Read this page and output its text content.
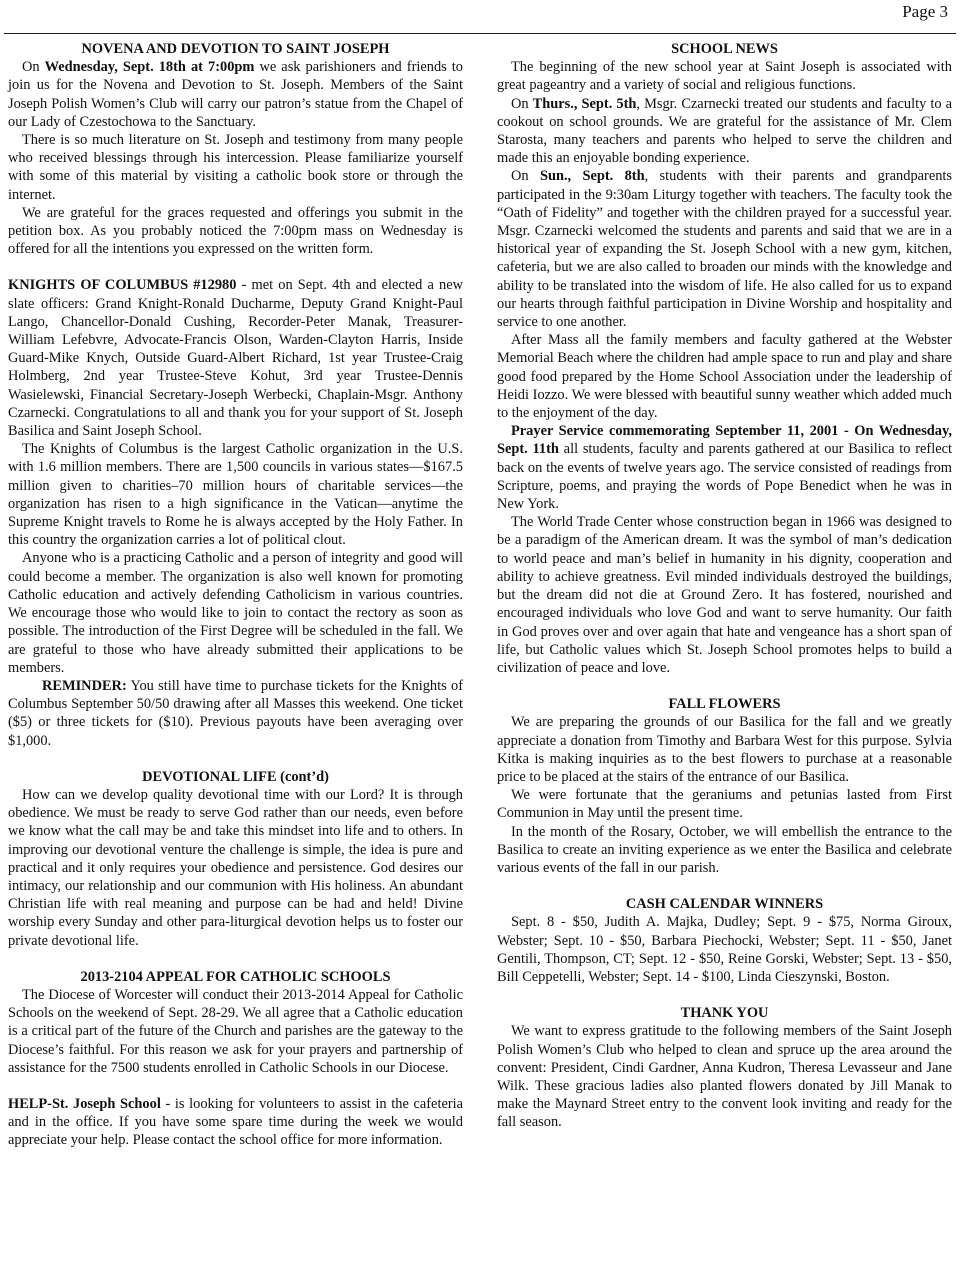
Page 3
NOVENA AND DEVOTION TO SAINT JOSEPH

On Wednesday, Sept. 18th at 7:00pm we ask parishioners and friends to join us for the Novena and Devotion to St. Joseph. Members of the Saint Joseph Polish Women’s Club will carry our patron’s statue from the Chapel of our Lady of Czestochowa to the Sanctuary.

There is so much literature on St. Joseph and testimony from many people who received blessings through his intercession. Please familiarize yourself with some of this material by visiting a catholic book store or through the internet.

We are grateful for the graces requested and offerings you submit in the petition box. As you probably noticed the 7:00pm mass on Wednesday is offered for all the intentions you expressed on the written form.

KNIGHTS OF COLUMBUS #12980 - met on Sept. 4th and elected a new slate officers: Grand Knight-Ronald Ducharme, Deputy Grand Knight-Paul Lango, Chancellor-Donald Cushing, Recorder-Peter Manak, Treasurer-William Lefebvre, Advocate-Francis Olson, Warden-Clayton Harris, Inside Guard-Mike Knych, Outside Guard-Albert Richard, 1st year Trustee-Craig Holmberg, 2nd year Trustee-Steve Kohut, 3rd year Trustee-Dennis Wasielewski, Financial Secretary-Joseph Werbecki, Chaplain-Msgr. Anthony Czarnecki. Congratulations to all and thank you for your support of St. Joseph Basilica and Saint Joseph School.

The Knights of Columbus is the largest Catholic organization in the U.S. with 1.6 million members. There are 1,500 councils in various states—$167.5 million given to charities–70 million hours of charitable services—the organization has risen to a high significance in the Vatican—anytime the Supreme Knight travels to Rome he is always accepted by the Holy Father. In this country the organization carries a lot of political clout.

Anyone who is a practicing Catholic and a person of integrity and good will could become a member. The organization is also well known for promoting Catholic education and actively defending Catholicism in various countries. We encourage those who would like to join to contact the rectory as soon as possible. The introduction of the First Degree will be scheduled in the fall. We are grateful to those who have already submitted their applications to be members.

REMINDER: You still have time to purchase tickets for the Knights of Columbus September 50/50 drawing after all Masses this weekend. One ticket ($5) or three tickets for ($10). Previous payouts have been averaging over $1,000.

DEVOTIONAL LIFE (cont’d)

How can we develop quality devotional time with our Lord? It is through obedience. We must be ready to serve God rather than our needs, even before we know what the call may be and take this mindset into life and to others. In improving our devotional venture the challenge is simple, the idea is pure and practical and it only requires your obedience and persistence. God desires our intimacy, our relationship and our communion with His holiness. An abundant Christian life with real meaning and purpose can be had and held! Divine worship every Sunday and other para-liturgical devotion helps us to foster our private devotional life.

2013-2104 APPEAL FOR CATHOLIC SCHOOLS

The Diocese of Worcester will conduct their 2013-2014 Appeal for Catholic Schools on the weekend of Sept. 28-29. We all agree that a Catholic education is a critical part of the future of the Church and parishes are the gateway to the Diocese’s faithful. For this reason we ask for your prayers and partnership of assistance for the 7500 students enrolled in Catholic Schools in our Diocese.

HELP-St. Joseph School - is looking for volunteers to assist in the cafeteria and in the office. If you have some spare time during the week we would appreciate your help. Please contact the school office for more information.

SCHOOL NEWS

The beginning of the new school year at Saint Joseph is associated with great pageantry and a variety of social and religious functions.

On Thurs., Sept. 5th, Msgr. Czarnecki treated our students and faculty to a cookout on school grounds. We are grateful for the assistance of Mr. Clem Starosta, many teachers and parents who helped to serve the children and made this an enjoyable bonding experience.

On Sun., Sept. 8th, students with their parents and grandparents participated in the 9:30am Liturgy together with teachers. The faculty took the “Oath of Fidelity” and together with the children prayed for a successful year. Msgr. Czarnecki welcomed the students and parents and said that we are in a historical year of expanding the St. Joseph School with a new gym, kitchen, cafeteria, but we are also called to broaden our minds with the knowledge and ability to be translated into the wisdom of life. He also called for us to expand our hearts through faithful participation in Divine Worship and hospitality and service to one another.

After Mass all the family members and faculty gathered at the Webster Memorial Beach where the children had ample space to run and play and share good food prepared by the Home School Association under the leadership of Heidi Iozzo. We were blessed with beautiful sunny weather which added much to the enjoyment of the day.

Prayer Service commemorating September 11, 2001 - On Wednesday, Sept. 11th all students, faculty and parents gathered at our Basilica to reflect back on the events of twelve years ago. The service consisted of readings from Scripture, poems, and praying the words of Pope Benedict when he was in New York.

The World Trade Center whose construction began in 1966 was designed to be a paradigm of the American dream. It was the symbol of man’s dedication to world peace and man’s belief in humanity in his dignity, cooperation and ability to achieve greatness. Evil minded individuals destroyed the buildings, but the dream did not die at Ground Zero. It has fostered, nourished and encouraged individuals who love God and want to serve humanity. Our faith in God proves over and over again that hate and vengeance has a short span of life, but Catholic values which St. Joseph School promotes helps to build a civilization of peace and love.

FALL FLOWERS

We are preparing the grounds of our Basilica for the fall and we greatly appreciate a donation from Timothy and Barbara West for this purpose. Sylvia Kitka is making inquiries as to the best flowers to purchase at a reasonable price to be placed at the stairs of the entrance of our Basilica.

We were fortunate that the geraniums and petunias lasted from First Communion in May until the present time.

In the month of the Rosary, October, we will embellish the entrance to the Basilica to create an inviting experience as we enter the Basilica and celebrate various events of the fall in our parish.

CASH CALENDAR WINNERS

Sept. 8 - $50, Judith A. Majka, Dudley; Sept. 9 - $75, Norma Giroux, Webster; Sept. 10 - $50, Barbara Piechocki, Webster; Sept. 11 - $50, Janet Gentili, Thompson, CT; Sept. 12 - $50, Reine Gorski, Webster; Sept. 13 - $50, Bill Ceppetelli, Webster; Sept. 14 - $100, Linda Cieszynski, Boston.

THANK YOU

We want to express gratitude to the following members of the Saint Joseph Polish Women’s Club who helped to clean and spruce up the area around the convent: President, Cindi Gardner, Anna Kudron, Theresa Levasseur and Jane Wilk. These gracious ladies also planted flowers donated by Jill Manak to make the Maynard Street entry to the convent look inviting and ready for the fall season.
